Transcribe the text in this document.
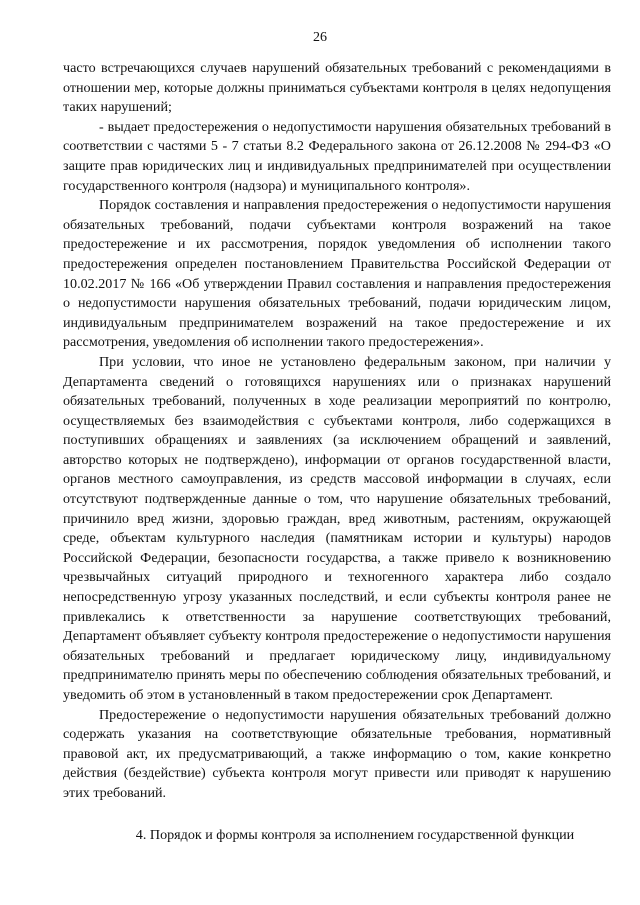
26

часто встречающихся случаев нарушений обязательных требований с рекомендациями в отношении мер, которые должны приниматься субъектами контроля в целях недопущения таких нарушений;

- выдает предостережения о недопустимости нарушения обязательных требований в соответствии с частями 5 - 7 статьи 8.2 Федерального закона от 26.12.2008 № 294-ФЗ «О защите прав юридических лиц и индивидуальных предпринимателей при осуществлении государственного контроля (надзора) и муниципального контроля».

Порядок составления и направления предостережения о недопустимости нарушения обязательных требований, подачи субъектами контроля возражений на такое предостережение и их рассмотрения, порядок уведомления об исполнении такого предостережения определен постановлением Правительства Российской Федерации от 10.02.2017 № 166 «Об утверждении Правил составления и направления предостережения о недопустимости нарушения обязательных требований, подачи юридическим лицом, индивидуальным предпринимателем возражений на такое предостережение и их рассмотрения, уведомления об исполнении такого предостережения».

При условии, что иное не установлено федеральным законом, при наличии у Департамента сведений о готовящихся нарушениях или о признаках нарушений обязательных требований, полученных в ходе реализации мероприятий по контролю, осуществляемых без взаимодействия с субъектами контроля, либо содержащихся в поступивших обращениях и заявлениях (за исключением обращений и заявлений, авторство которых не подтверждено), информации от органов государственной власти, органов местного самоуправления, из средств массовой информации в случаях, если отсутствуют подтвержденные данные о том, что нарушение обязательных требований, причинило вред жизни, здоровью граждан, вред животным, растениям, окружающей среде, объектам культурного наследия (памятникам истории и культуры) народов Российской Федерации, безопасности государства, а также привело к возникновению чрезвычайных ситуаций природного и техногенного характера либо создало непосредственную угрозу указанных последствий, и если субъекты контроля ранее не привлекались к ответственности за нарушение соответствующих требований, Департамент объявляет субъекту контроля предостережение о недопустимости нарушения обязательных требований и предлагает юридическому лицу, индивидуальному предпринимателю принять меры по обеспечению соблюдения обязательных требований, и уведомить об этом в установленный в таком предостережении срок Департамент.

Предостережение о недопустимости нарушения обязательных требований должно содержать указания на соответствующие обязательные требования, нормативный правовой акт, их предусматривающий, а также информацию о том, какие конкретно действия (бездействие) субъекта контроля могут привести или приводят к нарушению этих требований.

4. Порядок и формы контроля за исполнением государственной функции
